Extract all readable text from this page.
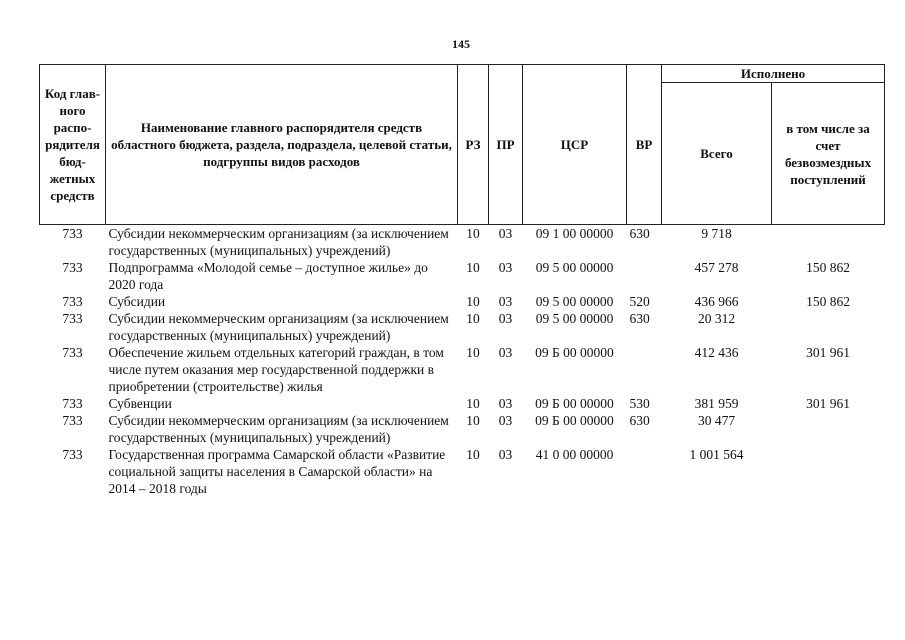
145
Код главного распорядителя бюджетных средств	Наименование главного распорядителя средств областного бюджета, раздела, подраздела, целевой статьи, подгруппы видов расходов	РЗ	ПР	ЦСР	ВР	Исполнено	
						Всего	в том числе за счет безвозмездных поступлений
733	Субсидии некоммерческим организациям (за исключением государственных (муниципальных) учреждений)	10	03	09 1 00 00000	630	9 718	
733	Подпрограмма «Молодой семье – доступное жилье» до 2020 года	10	03	09 5 00 00000		457 278	150 862
733	Субсидии	10	03	09 5 00 00000	520	436 966	150 862
733	Субсидии некоммерческим организациям (за исключением государственных (муниципальных) учреждений)	10	03	09 5 00 00000	630	20 312	
733	Обеспечение жильем отдельных категорий граждан, в том числе путем оказания мер государственной поддержки в приобретении (строительстве) жилья	10	03	09 Б 00 00000		412 436	301 961
733	Субвенции	10	03	09 Б 00 00000	530	381 959	301 961
733	Субсидии некоммерческим организациям (за исключением государственных (муниципальных) учреждений)	10	03	09 Б 00 00000	630	30 477	
733	Государственная программа Самарской области «Развитие социальной защиты населения в Самарской области» на 2014 – 2018 годы	10	03	41 0 00 00000		1 001 564	
